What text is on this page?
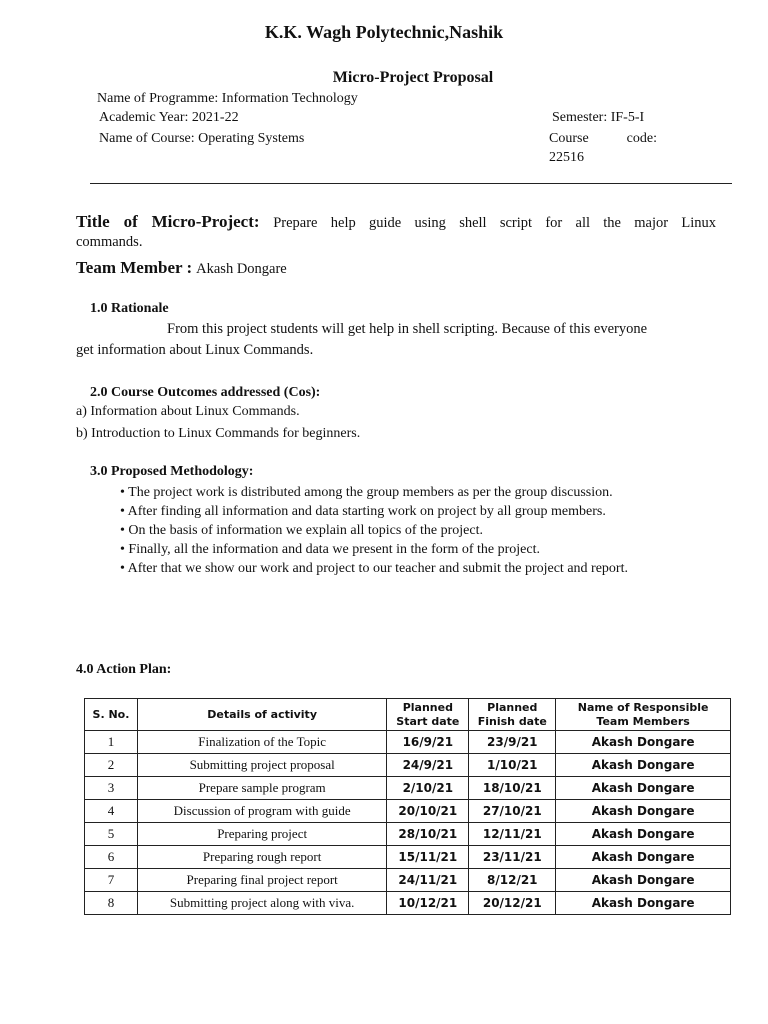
K.K. Wagh Polytechnic,Nashik
Micro-Project Proposal
Name of Programme: Information Technology
Academic Year: 2021-22	Semester: IF-5-I
Name of Course: Operating Systems	Course code:
22516
Title of Micro-Project: Prepare help guide using shell script for all the major Linux
commands.
Team Member : Akash Dongare
1.0 Rationale
From this project students will get help in shell scripting. Because of this everyone
get information about Linux Commands.
2.0 Course Outcomes addressed (Cos):
a) Information about Linux Commands.
b) Introduction to Linux Commands for beginners.
3.0 Proposed Methodology:
• The project work is distributed among the group members as per the group discussion.
• After finding all information and data starting work on project by all group members.
• On the basis of information we explain all topics of the project.
• Finally, all the information and data we present in the form of the project.
• After that we show our work and project to our teacher and submit the project and report.
4.0 Action Plan:
S. No.	Details of activity	Planned Start date	Planned Finish date	Name of Responsible Team Members
1	Finalization of the Topic	16/9/21	23/9/21	Akash Dongare
2	Submitting project proposal	24/9/21	1/10/21	Akash Dongare
3	Prepare sample program	2/10/21	18/10/21	Akash Dongare
4	Discussion of program with guide	20/10/21	27/10/21	Akash Dongare
5	Preparing project	28/10/21	12/11/21	Akash Dongare
6	Preparing rough report	15/11/21	23/11/21	Akash Dongare
7	Preparing final project report	24/11/21	8/12/21	Akash Dongare
8	Submitting project along with viva.	10/12/21	20/12/21	Akash Dongare
